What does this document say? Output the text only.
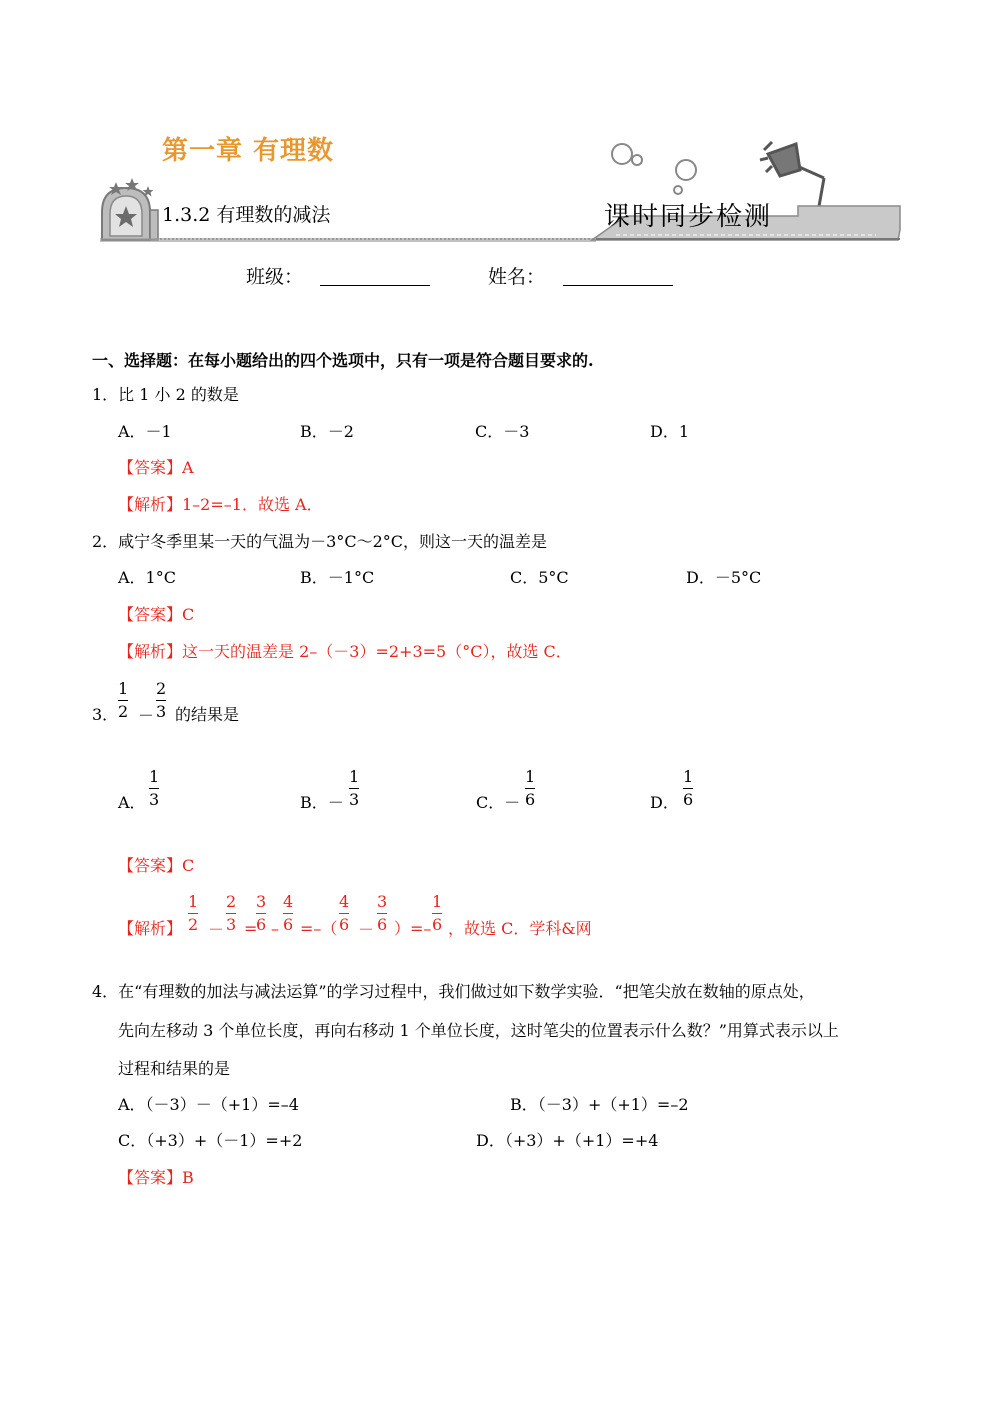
第一章 有理数
1.3.2 有理数的减法	课时同步检测
班级：	姓名：
一、选择题：在每小题给出的四个选项中，只有一项是符合题目要求的.
1．比 1 小 2 的数是
A．－1	B．－2	C．－3	D．1
【答案】A
【解析】1–2=–1．故选 A．
2．咸宁冬季里某一天的气温为－3°C～2°C，则这一天的温差是
A．1°C	B．－1°C	C．5°C	D．－5°C
【答案】C
【解析】这一天的温差是 2–（－3）=2+3=5（°C），故选 C．
3．
1
2 －
2
3 的结果是
A．
1
3	B．－
1
3	C．－
1
6	D．
1
6
【答案】C
【解析】
1
2 －
2
3 =
3
6 –
4
6 =–（
4
6 －
3
6 ）=–
1
6 ，故选 C．学科&网
4．在“有理数的加法与减法运算”的学习过程中，我们做过如下数学实验．“把笔尖放在数轴的原点处，
先向左移动 3 个单位长度，再向右移动 1 个单位长度，这时笔尖的位置表示什么数？”用算式表示以上
过程和结果的是
A．（－3）－（+1）=–4	B．（－3）+（+1）=–2
C．（+3）+（－1）=+2	D．（+3）+（+1）=+4
【答案】B
